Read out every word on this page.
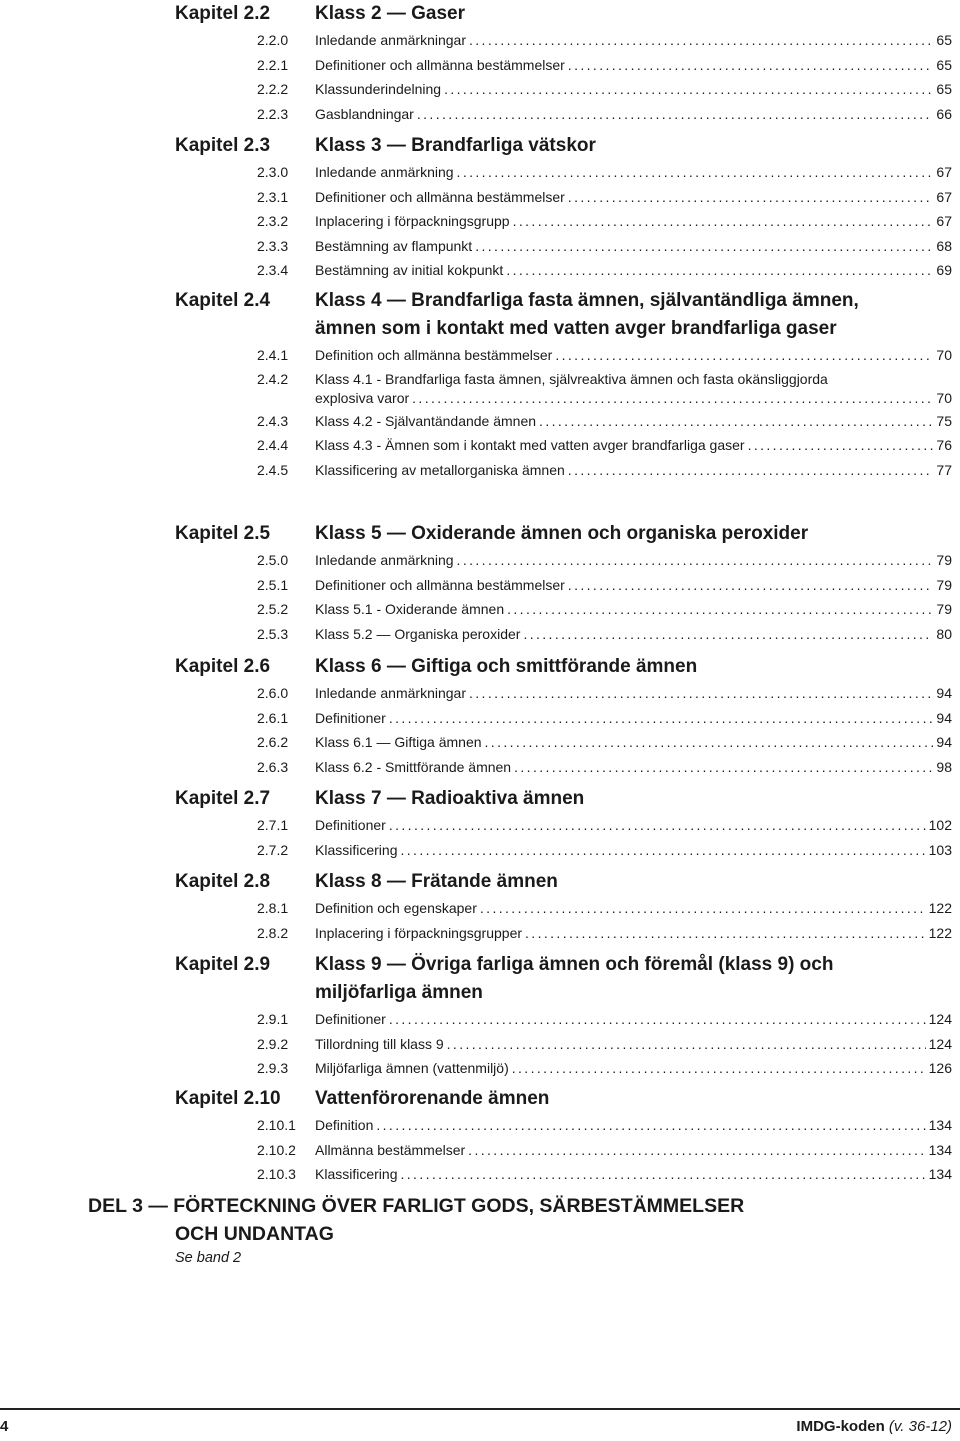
Kapitel 2.2 Klass 2 — Gaser
2.2.0 Inledande anmärkningar . . .	65
2.2.1 Definitioner och allmänna bestämmelser . . .	65
2.2.2 Klassunderindelning . . .	65
2.2.3 Gasblandningar . . .	66
Kapitel 2.3 Klass 3 — Brandfarliga vätskor
2.3.0 Inledande anmärkning . . .	67
2.3.1 Definitioner och allmänna bestämmelser . . .	67
2.3.2 Inplacering i förpackningsgrupp . . .	67
2.3.3 Bestämning av flampunkt . . .	68
2.3.4 Bestämning av initial kokpunkt . . .	69
Kapitel 2.4 Klass 4 — Brandfarliga fasta ämnen, självantändliga ämnen, ämnen som i kontakt med vatten avger brandfarliga gaser
2.4.1 Definition och allmänna bestämmelser . . .	70
2.4.2 Klass 4.1 - Brandfarliga fasta ämnen, självreaktiva ämnen och fasta okänsliggjorda
explosiva varor . . .	70
2.4.3 Klass 4.2 - Självantändande ämnen . . .	75
2.4.4 Klass 4.3 - Ämnen som i kontakt med vatten avger brandfarliga gaser . . .	76
2.4.5 Klassificering av metallorganiska ämnen . . .	77
Kapitel 2.5 Klass 5 — Oxiderande ämnen och organiska peroxider
2.5.0 Inledande anmärkning . . .	79
2.5.1 Definitioner och allmänna bestämmelser . . .	79
2.5.2 Klass 5.1 - Oxiderande ämnen . . .	79
2.5.3 Klass 5.2 — Organiska peroxider . . .	80
Kapitel 2.6 Klass 6 — Giftiga och smittförande ämnen
2.6.0 Inledande anmärkningar . . .	94
2.6.1 Definitioner . . .	94
2.6.2 Klass 6.1 — Giftiga ämnen . . .	94
2.6.3 Klass 6.2 - Smittförande ämnen . . .	98
Kapitel 2.7 Klass 7 — Radioaktiva ämnen
2.7.1 Definitioner . . .	102
2.7.2 Klassificering . . .	103
Kapitel 2.8 Klass 8 — Frätande ämnen
2.8.1 Definition och egenskaper . . .	122
2.8.2 Inplacering i förpackningsgrupper . . .	122
Kapitel 2.9 Klass 9 — Övriga farliga ämnen och föremål (klass 9) och miljöfarliga ämnen
2.9.1 Definitioner . . .	124
2.9.2 Tillordning till klass 9 . . .	124
2.9.3 Miljöfarliga ämnen (vattenmiljö) . . .	126
Kapitel 2.10 Vattenförorenande ämnen
2.10.1 Definition . . .	134
2.10.2 Allmänna bestämmelser . . .	134
2.10.3 Klassificering . . .	134
DEL 3 — FÖRTECKNING ÖVER FARLIGT GODS, SÄRBESTÄMMELSER
OCH UNDANTAG
Se band 2
4	IMDG-koden (v. 36-12)
